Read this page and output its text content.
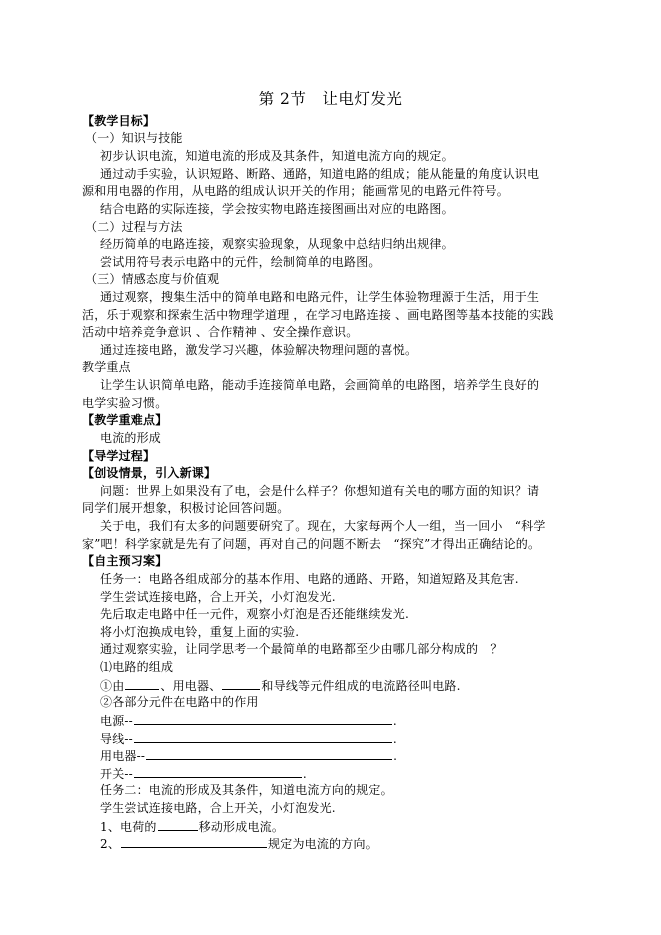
第 2节　让电灯发光
【教学目标】
（一）知识与技能
初步认识电流，知道电流的形成及其条件，知道电流方向的规定。
通过动手实验，认识短路、断路、通路，知道电路的组成；能从能量的角度认识电
源和用电器的作用，从电路的组成认识开关的作用；能画常见的电路元件符号。
结合电路的实际连接，学会按实物电路连接图画出对应的电路图。
（二）过程与方法
经历简单的电路连接，观察实验现象，从现象中总结归纳出规律。
尝试用符号表示电路中的元件，绘制简单的电路图。
（三）情感态度与价值观
通过观察，搜集生活中的简单电路和电路元件，让学生体验物理源于生活，用于生
活，乐于观察和探索生活中物理学道理 ，在学习电路连接 、画电路图等基本技能的实践
活动中培养竞争意识 、合作精神 、安全操作意识。
通过连接电路，激发学习兴趣，体验解决物理问题的喜悦。
教学重点
让学生认识简单电路，能动手连接简单电路，会画简单的电路图，培养学生良好的
电学实验习惯。
【教学重难点】
电流的形成
【导学过程】
【创设情景，引入新课】
问题：世界上如果没有了电，会是什么样子？你想知道有关电的哪方面的知识？请
同学们展开想象，积极讨论回答问题。
关于电，我们有太多的问题要研究了。现在，大家每两个人一组，当一回小　“科学
家”吧！科学家就是先有了问题，再对自己的问题不断去　“探究”才得出正确结论的。
【自主预习案】
任务一：电路各组成部分的基本作用、电路的通路、开路，知道短路及其危害.
学生尝试连接电路，合上开关，小灯泡发光.
先后取走电路中任一元件，观察小灯泡是否还能继续发光.
将小灯泡换成电铃，重复上面的实验.
通过观察实验，让同学思考一个最简单的电路都至少由哪几部分构成的　？
⑴电路的组成
①由	、用电器、	和导线等元件组成的电流路径叫电路.
②各部分元件在电路中的作用
电源--	.
导线--	.
用电器--	.
开关--	.
任务二：电流的形成及其条件，知道电流方向的规定。
学生尝试连接电路，合上开关，小灯泡发光.
1、电荷的	移动形成电流。
2、	规定为电流的方向。
